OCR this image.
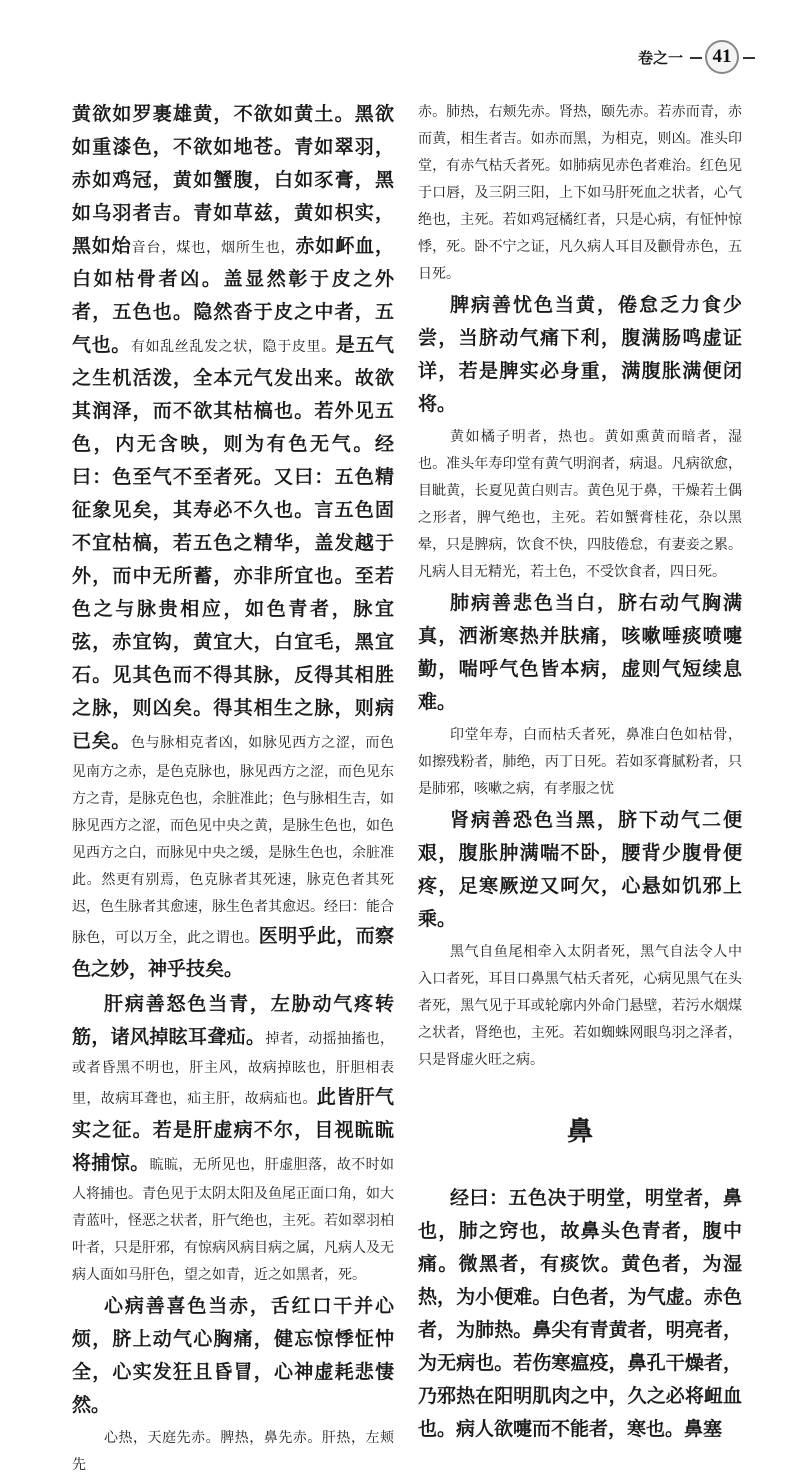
卷之一 41

黄欲如罗裹雄黄，不欲如黄土。黑欲如重漆色，不欲如地苍。青如翠羽，赤如鸡冠，黄如蟹腹，白如豕膏，黑如乌羽者吉。青如草兹，黄如枳实，黑如炲音台，煤也，烟所生也，赤如衃血，白如枯骨者凶。盖显然彰于皮之外者，五色也。隐然沓于皮之中者，五气也。有如乱丝乱发之状，隐于皮里。是五气之生机活泼，全本元气发出来。故欲其润泽，而不欲其枯槁也。若外见五色，内无含映，则为有色无气。经曰：色至气不至者死。又曰：五色精征象见矣，其寿必不久也。言五色固不宜枯槁，若五色之精华，盖发越于外，而中无所蓄，亦非所宜也。至若色之与脉贵相应，如色青者，脉宜弦，赤宜钩，黄宜大，白宜毛，黑宜石。见其色而不得其脉，反得其相胜之脉，则凶矣。得其相生之脉，则病已矣。色与脉相克者凶，如脉见西方之涩，而色见南方之赤，是色克脉也，脉见西方之涩，而色见东方之青，是脉克色也，余脏准此；色与脉相生吉，如脉见西方之涩，而色见中央之黄，是脉生色也，如色见西方之白，而脉见中央之缓，是脉生色也，余脏准此。然更有别焉，色克脉者其死速，脉克色者其死迟，色生脉者其愈速，脉生色者其愈迟。经曰：能合脉色，可以万全，此之谓也。医明乎此，而察色之妙，神乎技矣。

肝病善怒色当青，左胁动气疼转筋，诸风掉眩耳聋疝。掉者，动摇抽搐也，或者昏黑不明也，肝主风，故病掉眩也，肝胆相表里，故病耳聋也，疝主肝，故病疝也。此皆肝气实之征。若是肝虚病不尔，目视䀮䀮将捕惊。䀮䀮，无所见也，肝虚胆落，故不时如人将捕也。青色见于太阴太阳及鱼尾正面口角，如大青蓝叶，怪恶之状者，肝气绝也，主死。若如翠羽柏叶者，只是肝邪，有惊病风病目病之属，凡病人及无病人面如马肝色，望之如青，近之如黑者，死。

心病善喜色当赤，舌红口干并心烦，脐上动气心胸痛，健忘惊悸怔忡全，心实发狂且昏冒，心神虚耗悲悽然。

心热，天庭先赤。脾热，鼻先赤。肝热，左颊先

赤。肺热，右颊先赤。肾热，颐先赤。若赤而青，赤而黄，相生者吉。如赤而黑，为相克，则凶。准头印堂，有赤气枯夭者死。如肺病见赤色者难治。红色见于口唇，及三阴三阳，上下如马肝死血之状者，心气绝也，主死。若如鸡冠橘红者，只是心病，有怔忡惊悸，死。卧不宁之证，凡久病人耳目及颧骨赤色，五日死。

脾病善忧色当黄，倦怠乏力食少尝，当脐动气痛下利，腹满肠鸣虚证详，若是脾实必身重，满腹胀满便闭将。

黄如橘子明者，热也。黄如熏黄而暗者，湿也。准头年寿印堂有黄气明润者，病退。凡病欲愈，目眦黄，长夏见黄白则吉。黄色见于鼻，干燥若土偶之形者，脾气绝也，主死。若如蟹膏桂花，杂以黑晕，只是脾病，饮食不快，四肢倦怠，有妻妾之累。凡病人目无精光，若土色，不受饮食者，四日死。

肺病善悲色当白，脐右动气胸满真，洒淅寒热并肤痛，咳嗽唾痰喷嚏勤，喘呼气色皆本病，虚则气短续息难。

印堂年寿，白而枯夭者死，鼻准白色如枯骨，如擦残粉者，肺绝，丙丁日死。若如豕膏腻粉者，只是肺邪，咳嗽之病，有孝服之忧

肾病善恐色当黑，脐下动气二便艰，腹胀肿满喘不卧，腰背少腹骨便疼，足寒厥逆又呵欠，心悬如饥邪上乘。

黑气自鱼尾相牵入太阴者死，黑气自法令人中入口者死，耳目口鼻黑气枯夭者死，心病见黑气在头者死，黑气见于耳或轮廓内外命门悬壁，若污水烟煤之状者，肾绝也，主死。若如蜘蛛网眼鸟羽之泽者，只是肾虚火旺之病。

鼻

经曰：五色决于明堂，明堂者，鼻也，肺之窍也，故鼻头色青者，腹中痛。微黑者，有痰饮。黄色者，为湿热，为小便难。白色者，为气虚。赤色者，为肺热。鼻尖有青黄者，明亮者，为无病也。若伤寒瘟疫，鼻孔干燥者，乃邪热在阳明肌肉之中，久之必将衄血也。病人欲嚏而不能者，寒也。鼻塞
